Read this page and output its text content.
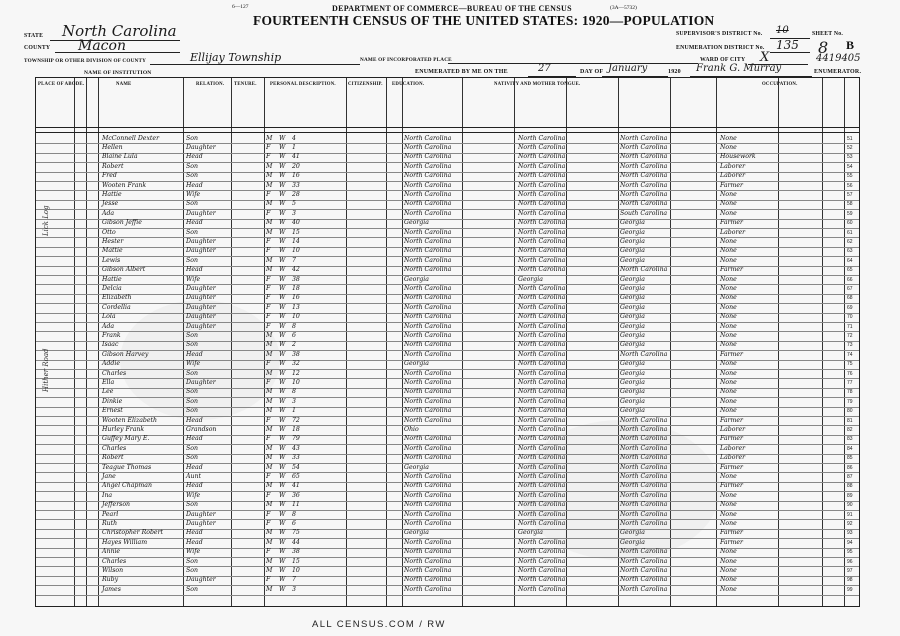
STATE North Carolina
COUNTY Macon
TOWNSHIP OR OTHER DIVISION OF COUNTY	Ellijay Township
NAME OF INSTITUTION
6—127	DEPARTMENT OF COMMERCE—BUREAU OF THE CENSUS	(3A—5732)
FOURTEENTH CENSUS OF THE UNITED STATES: 1920—POPULATION
NAME OF INCORPORATED PLACE
ENUMERATED BY ME ON THE	27	DAY OF January	1920 Frank G. Murray	ENUMERATOR.
SUPERVISOR'S DISTRICT No. 10	SHEET No.
ENUMERATION DISTRICT No. 135 8 B
WARD OF CITY X	4419405
PLACE OF ABODE.	NAME	RELATION. TENURE.	PERSONAL DESCRIPTION.	CITIZENSHIP. EDUCATION.	NATIVITY AND MOTHER TONGUE.	OCCUPATION.
51
McConnell Dexter	Son	M W 4	North Carolina	North Carolina	North Carolina	None
52
Hellen	Daughter	F W 1	North Carolina	North Carolina	North Carolina	None
53
Blaine Lula	Head	F W 41	North Carolina	North Carolina	North Carolina	Housework
54
Robert	Son	M W 20	North Carolina	North Carolina	North Carolina	Laborer
55
Fred	Son	M W 16	North Carolina	North Carolina	North Carolina	Laborer
56
Wooten Frank	Head	M W 33	North Carolina	North Carolina	North Carolina	Farmer
57
Hattie	Wife	F W 28	North Carolina	North Carolina	North Carolina	None
58
Jesse	Son	M W 5	North Carolina	North Carolina	North Carolina	None
59
Ada	Daughter	F W 3	North Carolina	North Carolina	South Carolina	None
60
Gibson Jeffie	Head	M W 40	Georgia	North Carolina	Georgia	Farmer
61
Otto	Son	M W 15	North Carolina	North Carolina	Georgia	Laborer
62
Hester	Daughter	F W 14	North Carolina	North Carolina	Georgia	None
63
Mattie	Daughter	F W 10	North Carolina	North Carolina	Georgia	None
64
Lewis	Son	M W 7	North Carolina	North Carolina	Georgia	None
65
Gibson Albert	Head	M W 42	North Carolina	North Carolina	North Carolina	Farmer
66
Hattie	Wife	F W 38	Georgia	Georgia	Georgia	None
67
Delcia	Daughter	F W 18	North Carolina	North Carolina	Georgia	None
68
Elizabeth	Daughter	F W 16	North Carolina	North Carolina	Georgia	None
69
Cordellia	Daughter	F W 13	North Carolina	North Carolina	Georgia	None
70
Lola	Daughter	F W 10	North Carolina	North Carolina	Georgia	None
71
Ada	Daughter	F W 8	North Carolina	North Carolina	Georgia	None
72
Frank	Son	M W 6	North Carolina	North Carolina	Georgia	None
73
Isaac	Son	M W 2	North Carolina	North Carolina	Georgia	None
74
Gibson Harvey	Head	M W 38	North Carolina	North Carolina	North Carolina	Farmer
75
Addie	Wife	F W 32	Georgia	North Carolina	Georgia	None
76
Charles	Son	M W 12	North Carolina	North Carolina	Georgia	None
77
Ella	Daughter	F W 10	North Carolina	North Carolina	Georgia	None
78
Lee	Son	M W 8	North Carolina	North Carolina	Georgia	None
79
Dinkie	Son	M W 3	North Carolina	North Carolina	Georgia	None
80
Ernest	Son	M W 1	North Carolina	North Carolina	Georgia	None
81
Wooten Elizabeth	Head	F W 72	North Carolina	North Carolina	North Carolina	Farmer
82
Hurley Frank	Grandson	M W 18	Ohio	North Carolina	North Carolina	Laborer
83
Guffey Mary E.	Head	F W 79	North Carolina	North Carolina	North Carolina	Farmer
84
Charles	Son	M W 43	North Carolina	North Carolina	North Carolina	Laborer
85
Robert	Son	M W 33	North Carolina	North Carolina	North Carolina	Laborer
86
Teague Thomas	Head	M W 54	Georgia	North Carolina	North Carolina	Farmer
87
Jane	Aunt	F W 65	North Carolina	North Carolina	North Carolina	None
88
Angel Chapman	Head	M W 41	North Carolina	North Carolina	North Carolina	Farmer
89
Ina	Wife	F W 36	North Carolina	North Carolina	North Carolina	None
90
Jefferson	Son	M W 11	North Carolina	North Carolina	North Carolina	None
91
Pearl	Daughter	F W 8	North Carolina	North Carolina	North Carolina	None
92
Ruth	Daughter	F W 6	North Carolina	North Carolina	North Carolina	None
93
Christopher Robert	Head	M W 75	Georgia	Georgia	Georgia	Farmer
94
Hayes William	Head	M W 44	North Carolina	North Carolina	Georgia	Farmer
95
Annie	Wife	F W 38	North Carolina	North Carolina	North Carolina	None
96
Charles	Son	M W 15	North Carolina	North Carolina	North Carolina	None
97
Wilson	Son	M W 10	North Carolina	North Carolina	North Carolina	None
98
Ruby	Daughter	F W 7	North Carolina	North Carolina	North Carolina	None
99
James	Son	M W 3	North Carolina	North Carolina	North Carolina	None
Lick Log
Hither Road
ALL CENSUS.COM / RW
